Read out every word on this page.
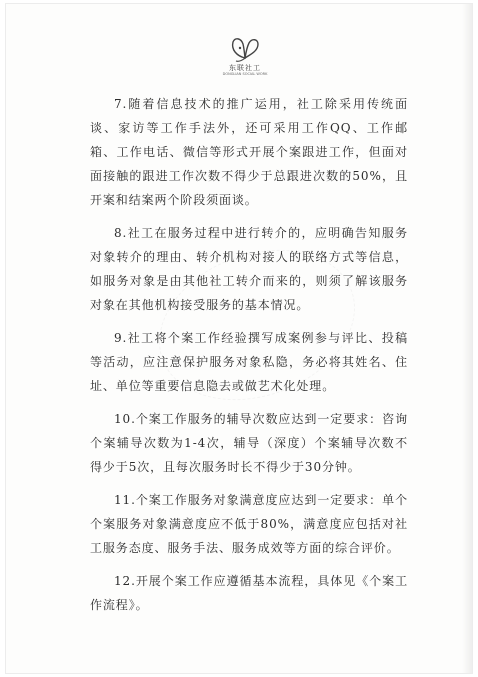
东联社工
DONGLIAN SOCIAL WORK

7.随着信息技术的推广运用，社工除采用传统面谈、家访等工作手法外，还可采用工作QQ、工作邮箱、工作电话、微信等形式开展个案跟进工作，但面对面接触的跟进工作次数不得少于总跟进次数的50%，且开案和结案两个阶段须面谈。

8.社工在服务过程中进行转介的，应明确告知服务对象转介的理由、转介机构对接人的联络方式等信息，如服务对象是由其他社工转介而来的，则须了解该服务对象在其他机构接受服务的基本情况。

9.社工将个案工作经验撰写成案例参与评比、投稿等活动，应注意保护服务对象私隐，务必将其姓名、住址、单位等重要信息隐去或做艺术化处理。

10.个案工作服务的辅导次数应达到一定要求：咨询个案辅导次数为1-4次，辅导（深度）个案辅导次数不得少于5次，且每次服务时长不得少于30分钟。

11.个案工作服务对象满意度应达到一定要求：单个个案服务对象满意度应不低于80%，满意度应包括对社工服务态度、服务手法、服务成效等方面的综合评价。

12.开展个案工作应遵循基本流程，具体见《个案工作流程》。
